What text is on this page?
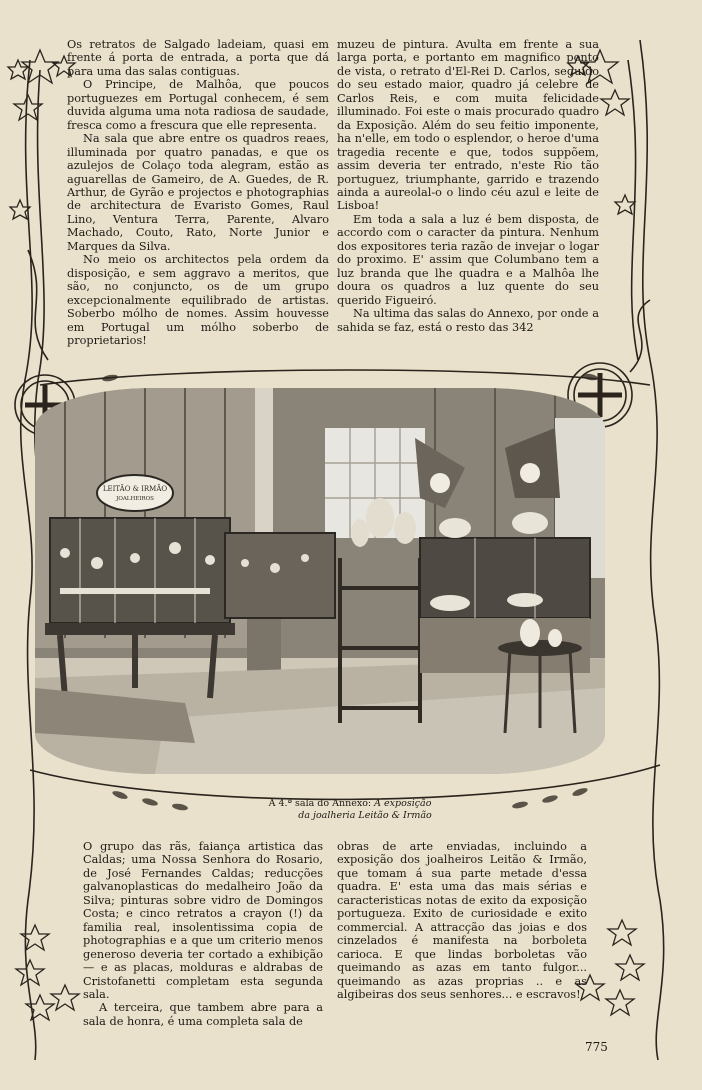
Os retratos de Salgado ladeiam, quasi em frente á porta de entrada, a porta que dá para uma das salas contiguas.

O Principe, de Malhôa, que poucos portuguezes em Portugal conhecem, é sem duvida alguma uma nota radiosa de saudade, fresca como a frescura que elle representa.

Na sala que abre entre os quadros reaes, illuminada por quatro panadas, e que os azulejos de Colaço toda alegram, estão as aguarellas de Gameiro, de A. Guedes, de R. Arthur, de Gyrão e projectos e photographias de architectura de Evaristo Gomes, Raul Lino, Ventura Terra, Parente, Alvaro Machado, Couto, Rato, Norte Junior e Marques da Silva.

No meio os architectos pela ordem da disposição, e sem aggravo a meritos, que são, no conjuncto, os de um grupo excepcionalmente equilibrado de artistas. Soberbo mólho de nomes. Assim houvesse em Portugal um mólho soberbo de proprietarios!

muzeu de pintura. Avulta em frente a sua larga porta, e portanto em magnifico ponto de vista, o retrato d'El-Rei D. Carlos, seguido do seu estado maior, quadro já celebre de Carlos Reis, e com muita felicidade illuminado. Foi este o mais procurado quadro da Exposição. Além do seu feitio imponente, ha n'elle, em todo o esplendor, o heroe d'uma tragedia recente e que, todos suppõem, assim deveria ter entrado, n'este Rio tão portuguez, triumphante, garrido e trazendo ainda a aureolal-o o lindo céu azul e leite de Lisboa!

Em toda a sala a luz é bem disposta, de accordo com o caracter da pintura. Nenhum dos expositores teria razão de invejar o logar do proximo. E' assim que Columbano tem a luz branda que lhe quadra e a Malhôa lhe doura os quadros a luz quente do seu querido Figueiró.

Na ultima das salas do Annexo, por onde a sahida se faz, está o resto das 342

LEITÃO & IRMÃO
JOALHEIROS
A 4.ª sala do Annexo: A exposição
da joalheria Leitão & Irmão

O grupo das rãs, faiança artistica das Caldas; uma Nossa Senhora do Rosario, de José Fernandes Caldas; reducções galvanoplasticas do medalheiro João da Silva; pinturas sobre vidro de Domingos Costa; e cinco retratos a crayon (!) da familia real, insolentissima copia de photographias e a que um criterio menos generoso deveria ter cortado a exhibição — e as placas, molduras e aldrabas de Cristofanetti completam esta segunda sala.

A terceira, que tambem abre para a sala de honra, é uma completa sala de

obras de arte enviadas, incluindo a exposição dos joalheiros Leitão & Irmão, que tomam á sua parte metade d'essa quadra. E' esta uma das mais sérias e caracteristicas notas de exito da exposição portugueza. Exito de curiosidade e exito commercial. A attracção das joias e dos cinzelados é manifesta na borboleta carioca. E que lindas borboletas vão queimando as azas em tanto fulgor... queimando as azas proprias .. e as algibeiras dos seus senhores... e escravos!

775
